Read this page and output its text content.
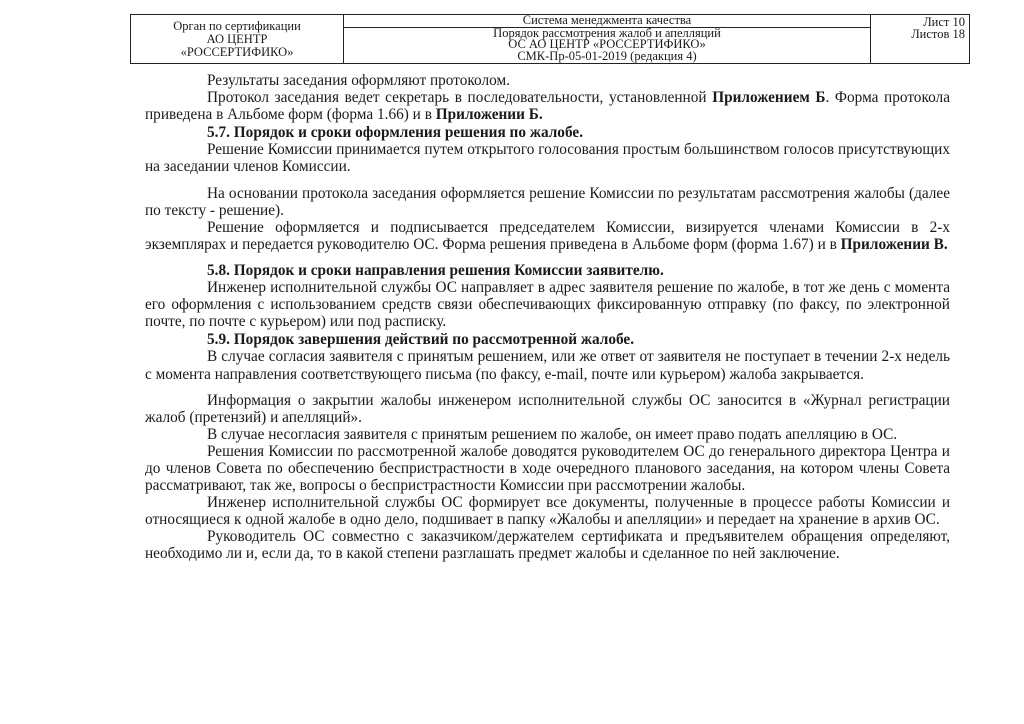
Орган по сертификации
АО ЦЕНТР
«РОССЕРТИФИКО»
Система менеджмента качества
Порядок рассмотрения жалоб и апелляций
ОС АО ЦЕНТР «РОССЕРТИФИКО»
СМК-Пр-05-01-2019 (редакция 4)
Лист 10
Листов 18

Результаты заседания оформляют протоколом.

Протокол заседания ведет секретарь в последовательности, установленной Приложением Б. Форма протокола приведена в Альбоме форм (форма 1.66) и в Приложении Б.

5.7. Порядок и сроки оформления решения по жалобе.

Решение Комиссии принимается путем открытого голосования простым большинством голосов присутствующих на заседании членов Комиссии.

На основании протокола заседания оформляется решение Комиссии по результатам рассмотрения жалобы (далее по тексту - решение).

Решение оформляется и подписывается председателем Комиссии, визируется членами Комиссии в 2-х экземплярах и передается руководителю ОС. Форма решения приведена в Альбоме форм (форма 1.67) и в Приложении В.

5.8. Порядок и сроки направления решения Комиссии заявителю.

Инженер исполнительной службы ОС направляет в адрес заявителя решение по жалобе, в тот же день с момента его оформления с использованием средств связи обеспечивающих фиксированную отправку (по факсу, по электронной почте, по почте с курьером) или под расписку.

5.9. Порядок завершения действий по рассмотренной жалобе.

В случае согласия заявителя с принятым решением, или же ответ от заявителя не поступает в течении 2-х недель с момента направления соответствующего письма (по факсу, e-mail, почте или курьером) жалоба закрывается.

Информация о закрытии жалобы инженером исполнительной службы ОС заносится в «Журнал регистрации жалоб (претензий) и апелляций».

В случае несогласия заявителя с принятым решением по жалобе, он имеет право подать апелляцию в ОС.

Решения Комиссии по рассмотренной жалобе доводятся руководителем ОС до генерального директора Центра и до членов Совета по обеспечению беспристрастности в ходе очередного планового заседания, на котором члены Совета рассматривают, так же, вопросы о беспристрастности Комиссии при рассмотрении жалобы.

Инженер исполнительной службы ОС формирует все документы, полученные в процессе работы Комиссии и относящиеся к одной жалобе в одно дело, подшивает в папку «Жалобы и апелляции» и передает на хранение в архив ОС.

Руководитель ОС совместно с заказчиком/держателем сертификата и предъявителем обращения определяют, необходимо ли и, если да, то в какой степени разглашать предмет жалобы и сделанное по ней заключение.
